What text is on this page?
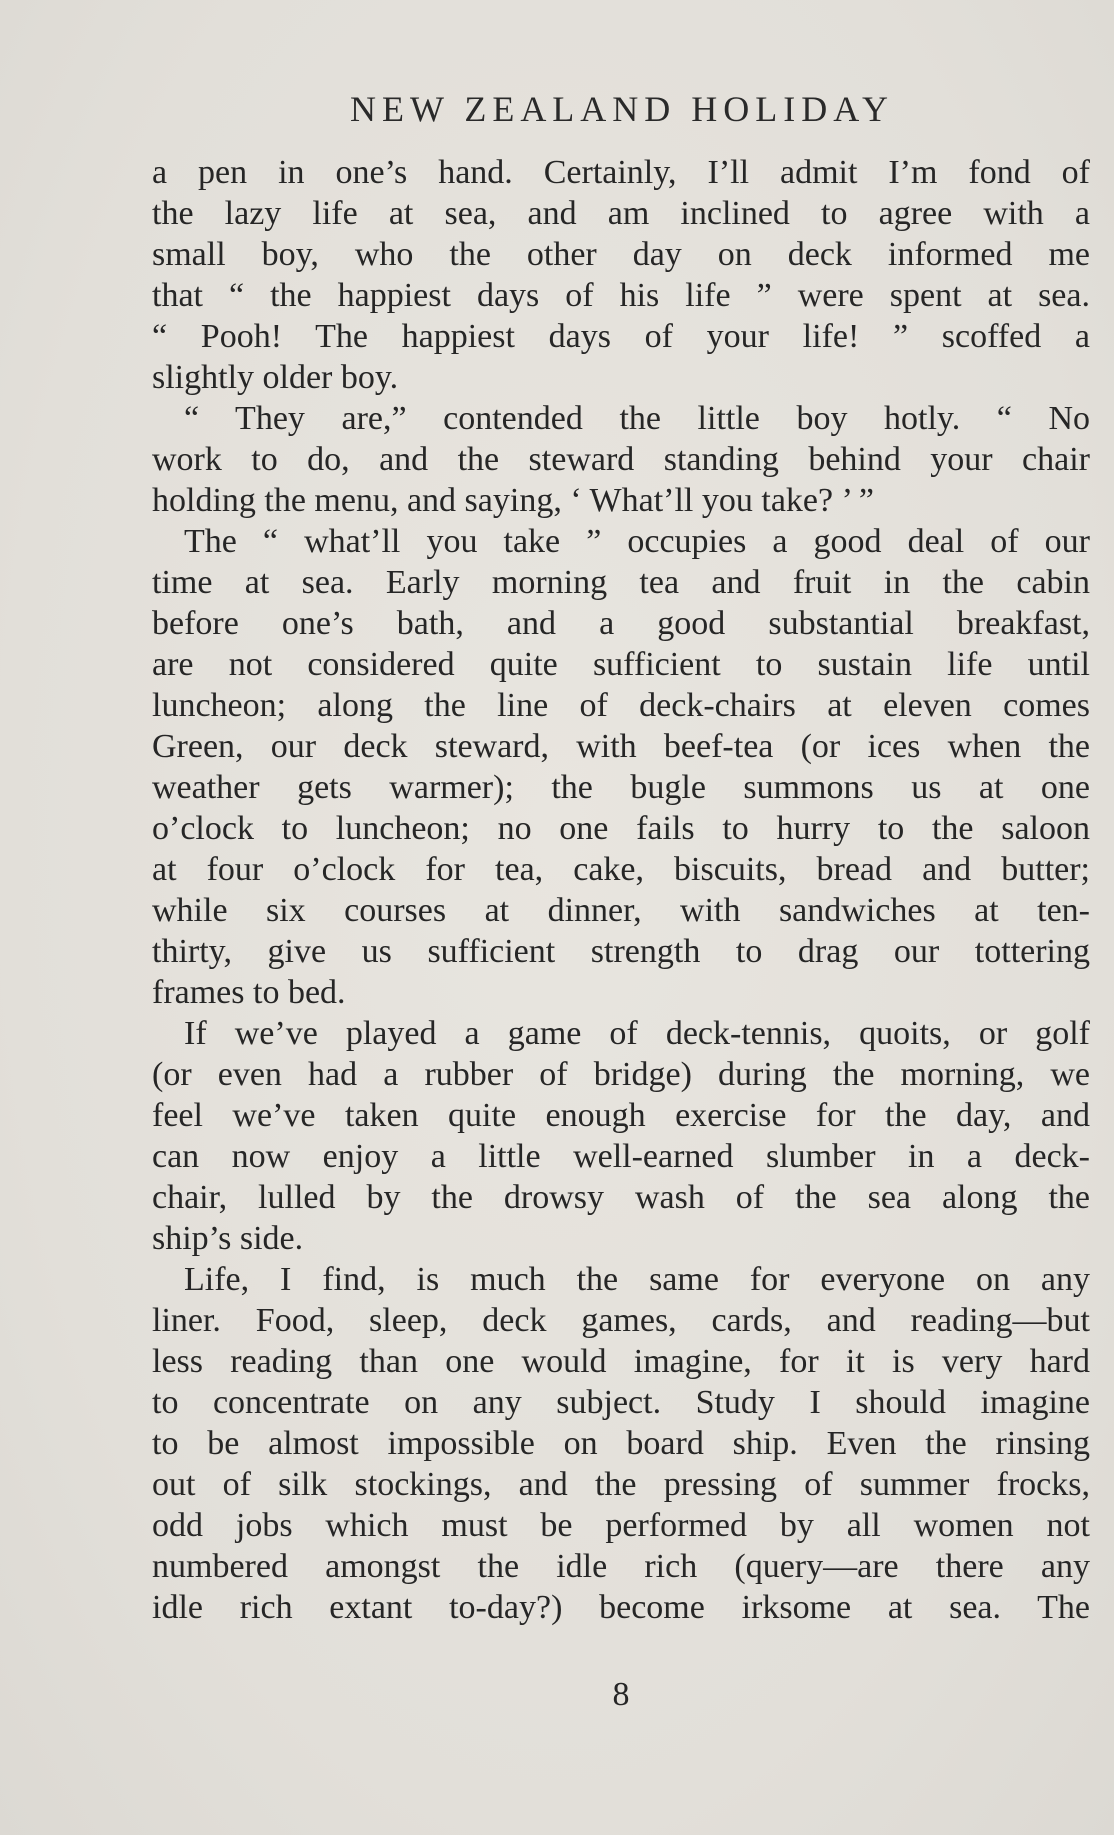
NEW ZEALAND HOLIDAY
a pen in one’s hand. Certainly, I’ll admit I’m fond of
the lazy life at sea, and am inclined to agree with a
small boy, who the other day on deck informed me
that “ the happiest days of his life ” were spent at sea.
“ Pooh! The happiest days of your life! ” scoffed a
slightly older boy.
“ They are,” contended the little boy hotly. “ No
work to do, and the steward standing behind your chair
holding the menu, and saying, ‘ What’ll you take? ’ ”
The “ what’ll you take ” occupies a good deal of our
time at sea. Early morning tea and fruit in the cabin
before one’s bath, and a good substantial breakfast,
are not considered quite sufficient to sustain life until
luncheon; along the line of deck-chairs at eleven comes
Green, our deck steward, with beef-tea (or ices when the
weather gets warmer); the bugle summons us at one
o’clock to luncheon; no one fails to hurry to the saloon
at four o’clock for tea, cake, biscuits, bread and butter;
while six courses at dinner, with sandwiches at ten-
thirty, give us sufficient strength to drag our tottering
frames to bed.
If we’ve played a game of deck-tennis, quoits, or golf
(or even had a rubber of bridge) during the morning, we
feel we’ve taken quite enough exercise for the day, and
can now enjoy a little well-earned slumber in a deck-
chair, lulled by the drowsy wash of the sea along the
ship’s side.
Life, I find, is much the same for everyone on any
liner. Food, sleep, deck games, cards, and reading—but
less reading than one would imagine, for it is very hard
to concentrate on any subject. Study I should imagine
to be almost impossible on board ship. Even the rinsing
out of silk stockings, and the pressing of summer frocks,
odd jobs which must be performed by all women not
numbered amongst the idle rich (query—are there any
idle rich extant to-day?) become irksome at sea. The
8
